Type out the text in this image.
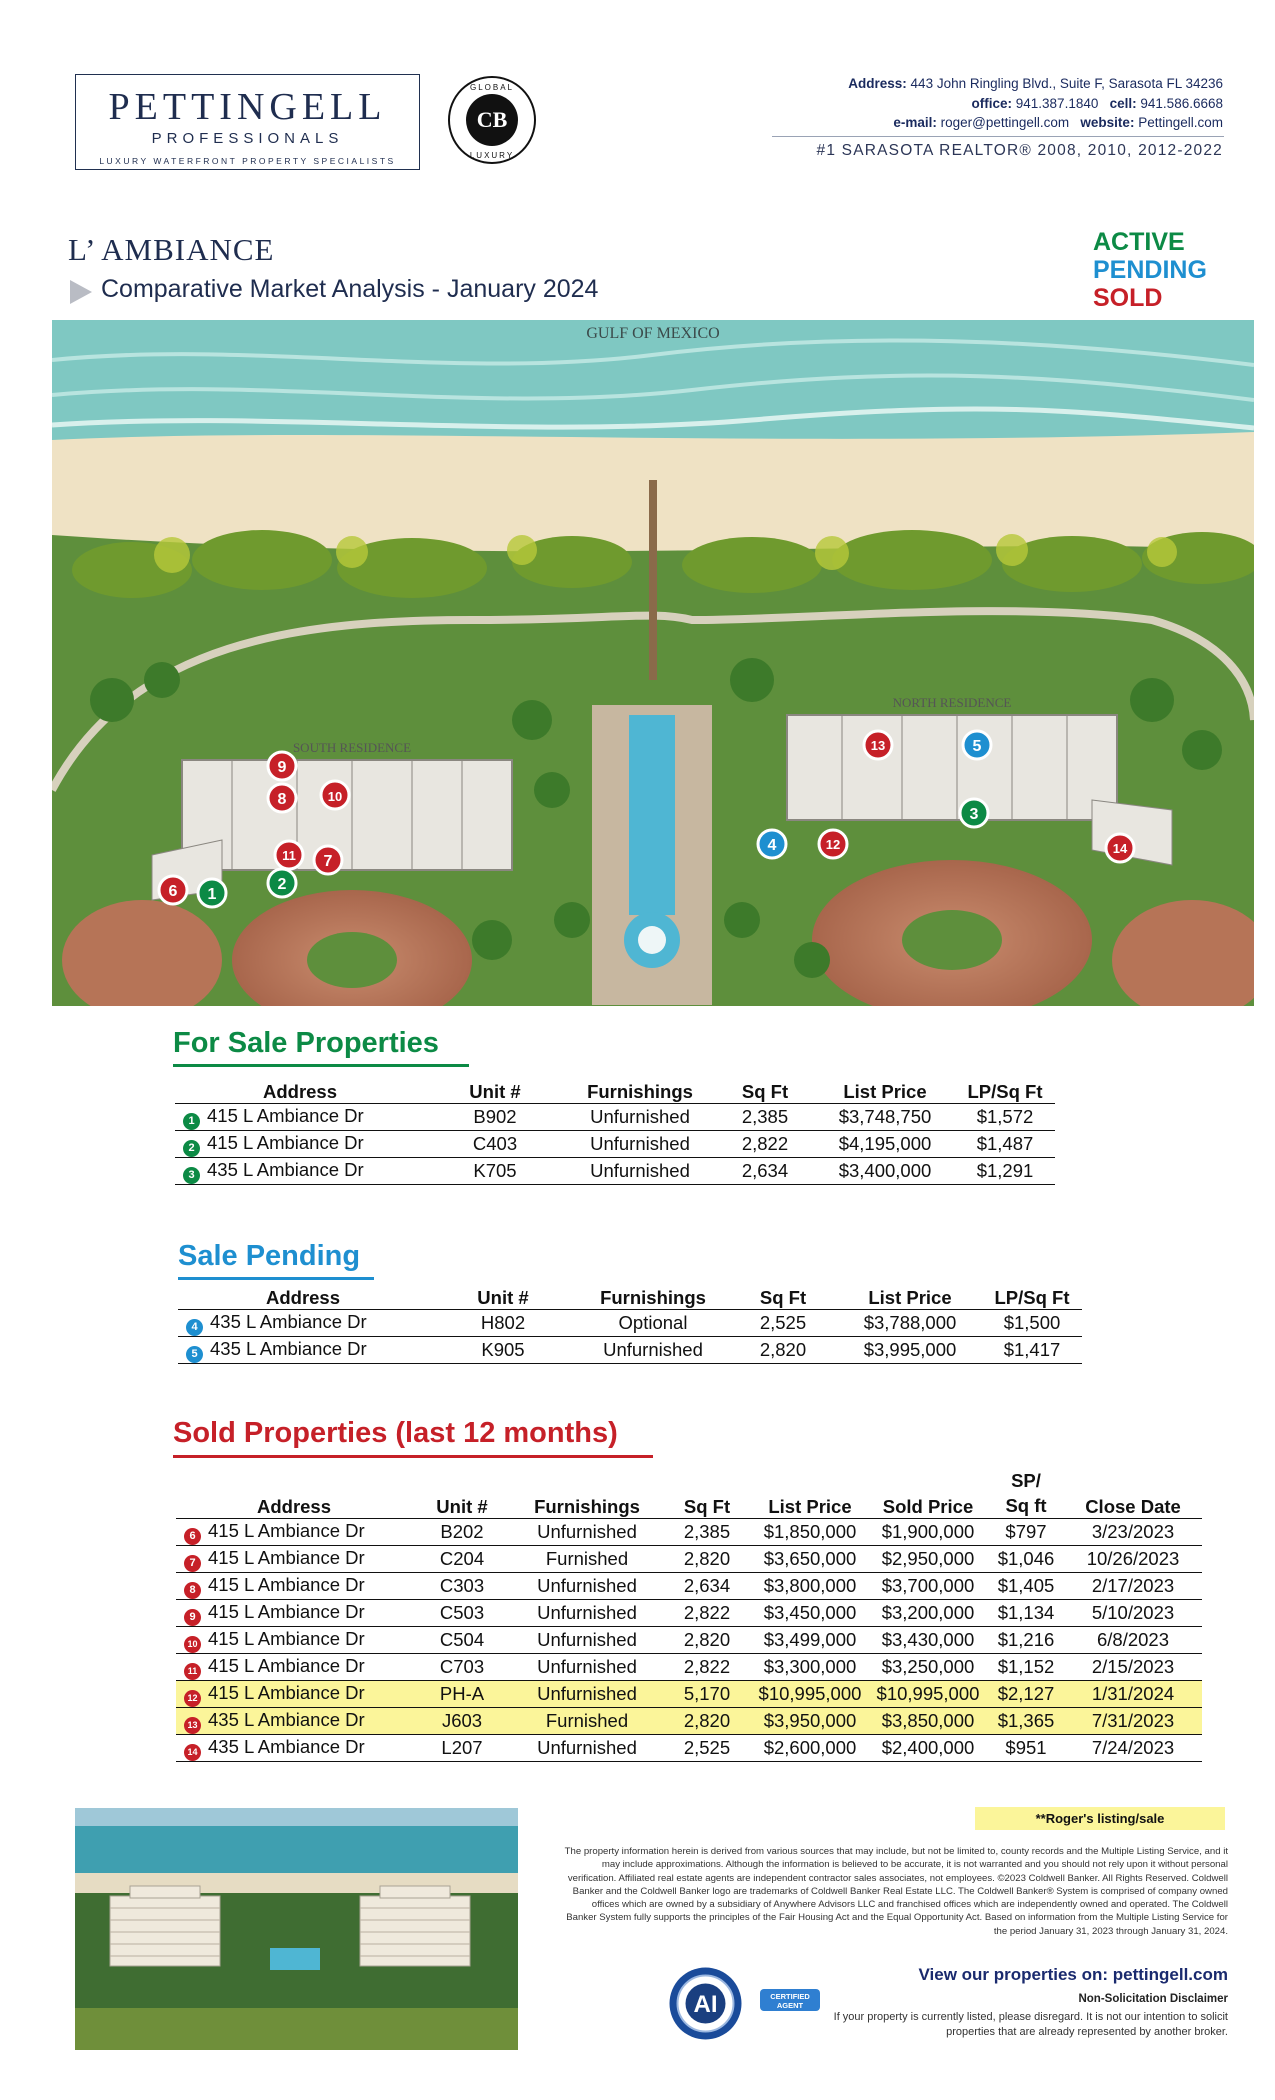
PETTINGELL
PROFESSIONALS
LUXURY WATERFRONT PROPERTY SPECIALISTS
CB
GLOBAL
LUXURY
Address: 443 John Ringling Blvd., Suite F, Sarasota FL 34236
office: 941.387.1840 cell: 941.586.6668
e-mail: roger@pettingell.com website: Pettingell.com
#1 SARASOTA REALTOR® 2008, 2010, 2012-2022
L’ AMBIANCE
Comparative Market Analysis - January 2024
ACTIVE
PENDING
SOLD
SOUTH RESIDENCE
NORTH RESIDENCE
GULF OF MEXICO
1
2
3
4
5
6
7
8
9
10
11
12
13
14
For Sale Properties
Address	Unit #	Furnishings	Sq Ft	List Price	LP/Sq Ft
1 415 L Ambiance Dr	B902	Unfurnished	2,385	$3,748,750	$1,572
2 415 L Ambiance Dr	C403	Unfurnished	2,822	$4,195,000	$1,487
3 435 L Ambiance Dr	K705	Unfurnished	2,634	$3,400,000	$1,291
Sale Pending
Address	Unit #	Furnishings	Sq Ft	List Price	LP/Sq Ft
4 435 L Ambiance Dr	H802	Optional	2,525	$3,788,000	$1,500
5 435 L Ambiance Dr	K905	Unfurnished	2,820	$3,995,000	$1,417
Sold Properties (last 12 months)
Address	Unit #	Furnishings	Sq Ft	List Price	Sold Price	SP/
Sq ft	Close Date
6 415 L Ambiance Dr	B202	Unfurnished	2,385	$1,850,000	$1,900,000	$797	3/23/2023
7 415 L Ambiance Dr	C204	Furnished	2,820	$3,650,000	$2,950,000	$1,046	10/26/2023
8 415 L Ambiance Dr	C303	Unfurnished	2,634	$3,800,000	$3,700,000	$1,405	2/17/2023
9 415 L Ambiance Dr	C503	Unfurnished	2,822	$3,450,000	$3,200,000	$1,134	5/10/2023
10 415 L Ambiance Dr	C504	Unfurnished	2,820	$3,499,000	$3,430,000	$1,216	6/8/2023
11 415 L Ambiance Dr	C703	Unfurnished	2,822	$3,300,000	$3,250,000	$1,152	2/15/2023
12 415 L Ambiance Dr	PH-A	Unfurnished	5,170	$10,995,000	$10,995,000	$2,127	1/31/2024
13 435 L Ambiance Dr	J603	Furnished	2,820	$3,950,000	$3,850,000	$1,365	7/31/2023
14 435 L Ambiance Dr	L207	Unfurnished	2,525	$2,600,000	$2,400,000	$951	7/24/2023
**Roger's listing/sale
The property information herein is derived from various sources that may include, but not be limited to, county records and the Multiple Listing Service, and it may include approximations. Although the information is believed to be accurate, it is not warranted and you should not rely upon it without personal verification. Affiliated real estate agents are independent contractor sales associates, not employees. ©2023 Coldwell Banker. All Rights Reserved. Coldwell Banker and the Coldwell Banker logo are trademarks of Coldwell Banker Real Estate LLC. The Coldwell Banker® System is comprised of company owned offices which are owned by a subsidiary of Anywhere Advisors LLC and franchised offices which are independently owned and operated. The Coldwell Banker System fully supports the principles of the Fair Housing Act and the Equal Opportunity Act. Based on information from the Multiple Listing Service for the period January 31, 2023 through January 31, 2024.
View our properties on: pettingell.com
AI	CERTIFIED
AGENT
Non-Solicitation Disclaimer
If your property is currently listed, please disregard. It is not our intention to solicit properties that are already represented by another broker.
